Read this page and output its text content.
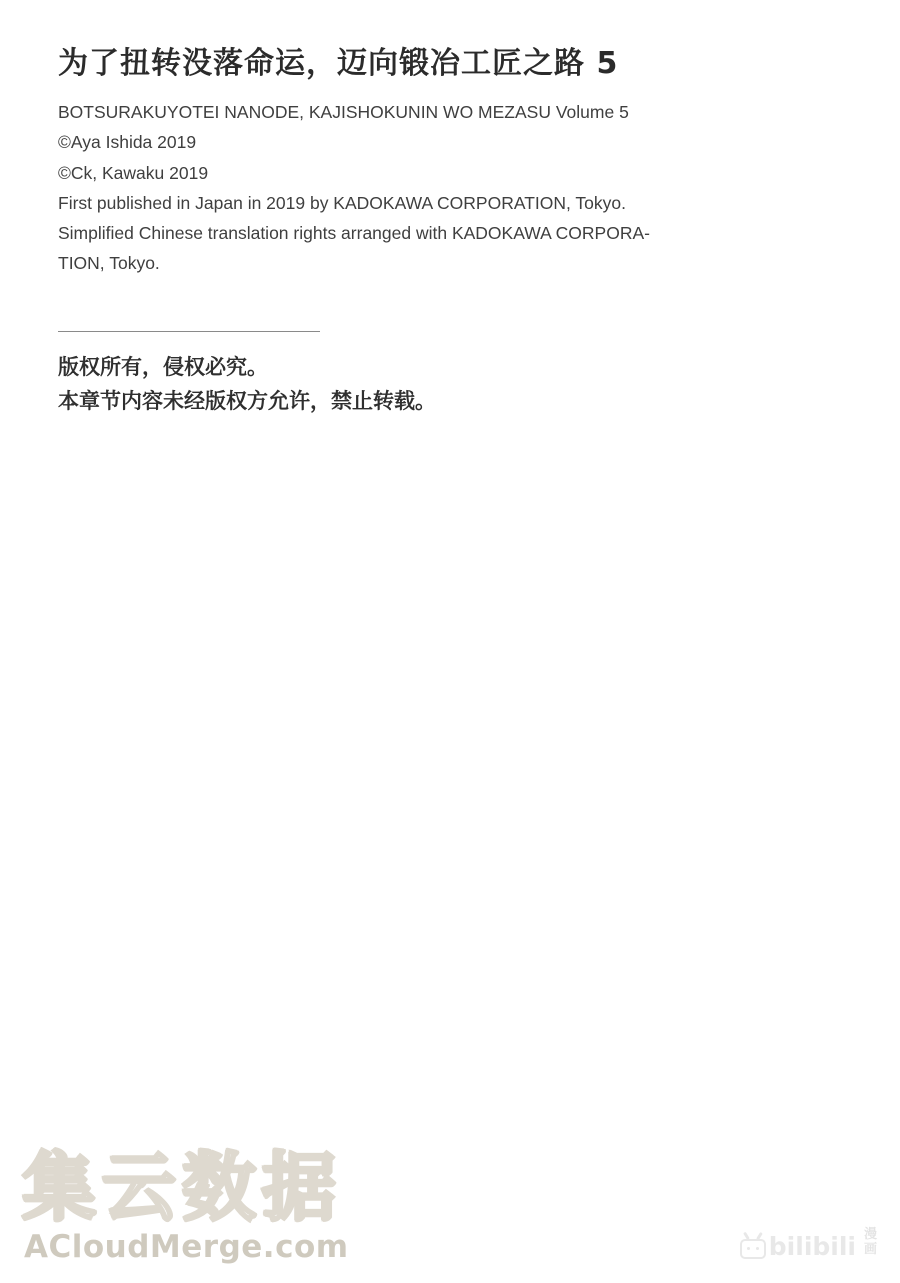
为了扭转没落命运，迈向锻冶工匠之路 5
BOTSURAKUYOTEI NANODE, KAJISHOKUNIN WO MEZASU Volume 5
©Aya Ishida 2019
©Ck, Kawaku 2019
First published in Japan in 2019 by KADOKAWA CORPORATION, Tokyo.
Simplified Chinese translation rights arranged with KADOKAWA CORPORA-
TION, Tokyo.
版权所有，侵权必究。
本章节内容未经版权方允许，禁止转载。
集云数据
ACloudMerge.com	bilibili 漫
画
